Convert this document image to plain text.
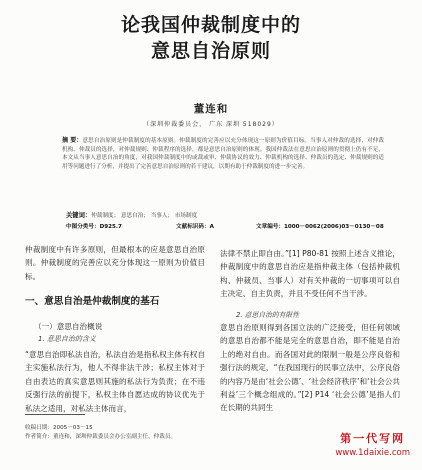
论我国仲裁制度中的
意思自治原则
董连和
（深圳仲裁委员会， 广东 深圳 518029）
摘 要：意思自治原则是仲裁制度的基本原则。仲裁制度的完善应以充分体现这一原则为价值目标。当事人对仲裁的选择、对仲裁机构、仲裁员的选择，对仲裁规则、仲裁程序的选择，都是意思自治原则的体现。我国仲裁法在意思自治原则的贯彻上仍有不足，本文从当事人意思自治的角度，对我国仲裁制度中的或裁或审、仲裁协议的效力、仲裁机构的选择、仲裁员的选定、仲裁规则的适用等问题进行了分析，并提出了完善意思自治原则的若干建议，以期有助于仲裁制度的进一步完善。
关键词：仲裁制度； 意思自治； 当事人； 市场制度
中图分类号：D925.7	文献标识码：A	文章编号：1000－0062(2006)03－0130－08

仲裁制度中有许多原则，但最根本的应是意思自治原则。仲裁制度的完善应以充分体现这一原则为价值目标。

一、意思自治是仲裁制度的基石
（一）意思自治概说
1. 意思自治的含义

“意思自治即私法自治，私法自治是指私权主体有权自主实施私法行为，他人不得非法干涉；私权主体对于自由表达的真实意思则其施的私法行为负责；在不违反强行法的前提下，私权主体自愿达成的协议优先于私法之适用，对私法主体而言，

法律不禁止即自由。”[1] P80-81 按照上述含义推论，仲裁制度中的意思自治应是指仲裁主体（包括仲裁机构、仲裁员、当事人）对有关仲裁的一切事项可以自主决定、自主负责，并且不受任何不当干涉。

2. 意思自治的有限性

意思自治原则得到各国立法的广泛接受，但任何领域的意思自治都不能是完全的意思自治，即不能是自治上的绝对自由。而各国对此的限制一般是公序良俗和强行法的规定，“在我国现行的民事立法中，公序良俗的内容乃是由‘社会公德’、‘社会经济秩序’和‘社会公共利益’三个概念组成的。”[2] P14 ‘社会公德’是指人们在长期的共同生

收稿日期：2005－03－15
作者简介：董连和，深圳仲裁委员会办公室副主任，仲裁员。	第一代写网
www.1daixie.com
